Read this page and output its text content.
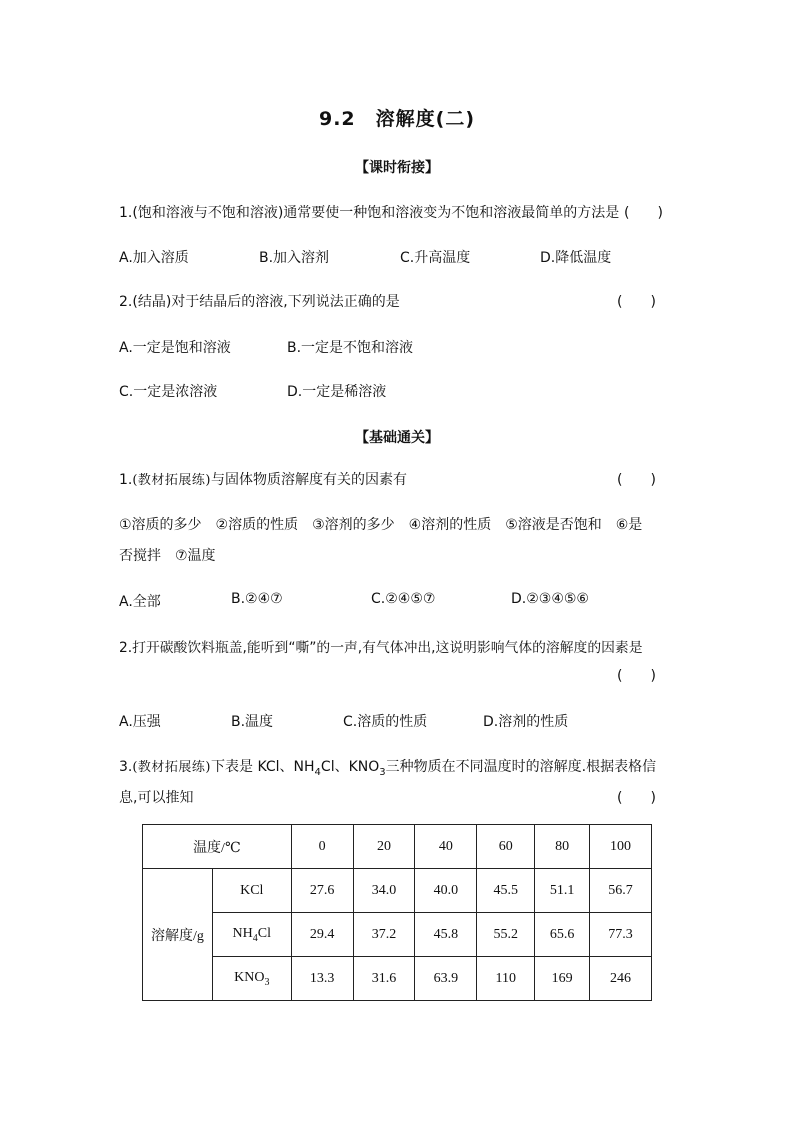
9.2　溶解度(二)
【课时衔接】
1.(饱和溶液与不饱和溶液)通常要使一种饱和溶液变为不饱和溶液最简单的方法是 (　　)
A.加入溶质	B.加入溶剂	C.升高温度	D.降低温度
2.(结晶)对于结晶后的溶液,下列说法正确的是	(　　)
A.一定是饱和溶液	B.一定是不饱和溶液
C.一定是浓溶液	D.一定是稀溶液
【基础通关】
1.(教材拓展练)与固体物质溶解度有关的因素有	(　　)
①溶质的多少　②溶质的性质　③溶剂的多少　④溶剂的性质　⑤溶液是否饱和　⑥是
否搅拌　⑦温度
A.全部	B.②④⑦	C.②④⑤⑦	D.②③④⑤⑥
2.打开碳酸饮料瓶盖,能听到“嘶”的一声,有气体冲出,这说明影响气体的溶解度的因素是
(　　)
A.压强	B.温度	C.溶质的性质	D.溶剂的性质
3.(教材拓展练)下表是 KCl、$NH_4Cl$、$KNO_3$三种物质在不同温度时的溶解度.根据表格信
息,可以推知	(　　)
温度/℃		0	20	40	60	80	100
溶解度/g	KCl	27.6	34.0	40.0	45.5	51.1	56.7
	$NH_4Cl$	29.4	37.2	45.8	55.2	65.6	77.3
	$KNO_3$	13.3	31.6	63.9	110	169	246
